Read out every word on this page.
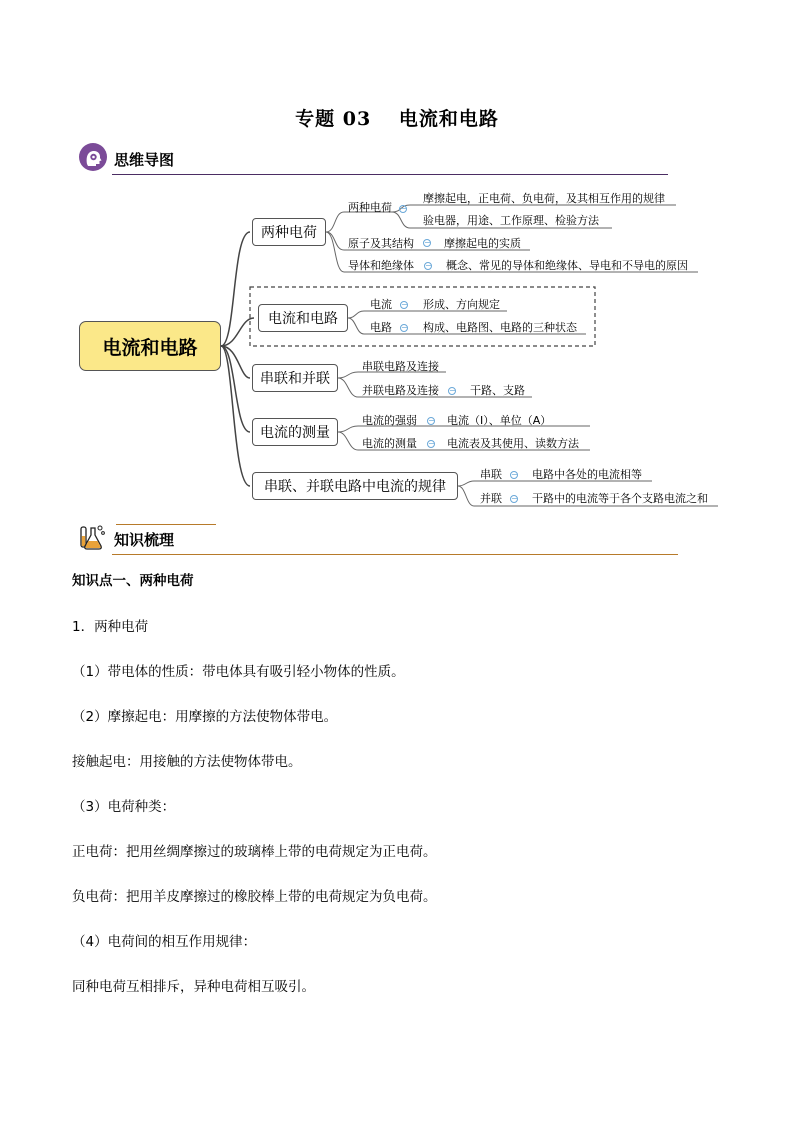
专题 03　 电流和电路
思维导图
电流和电路
两种电荷
两种电荷 −
摩擦起电，正电荷、负电荷，及其相互作用的规律
验电器，用途、工作原理、检验方法
原子及其结构 − 摩擦起电的实质
导体和绝缘体 − 概念、常见的导体和绝缘体、导电和不导电的原因
电流和电路
电流 − 形成、方向规定
电路 − 构成、电路图、电路的三种状态
串联和并联
串联电路及连接
并联电路及连接 − 干路、支路
电流的测量
电流的强弱 − 电流（I）、单位（A）
电流的测量 − 电流表及其使用、读数方法
串联、并联电路中电流的规律
串联 − 电路中各处的电流相等
并联 − 干路中的电流等于各个支路电流之和
知识梳理
知识点一、两种电荷
1．两种电荷
（1）带电体的性质：带电体具有吸引轻小物体的性质。
（2）摩擦起电：用摩擦的方法使物体带电。
接触起电：用接触的方法使物体带电。
（3）电荷种类：
正电荷：把用丝绸摩擦过的玻璃棒上带的电荷规定为正电荷。
负电荷：把用羊皮摩擦过的橡胶棒上带的电荷规定为负电荷。
（4）电荷间的相互作用规律：
同种电荷互相排斥，异种电荷相互吸引。
